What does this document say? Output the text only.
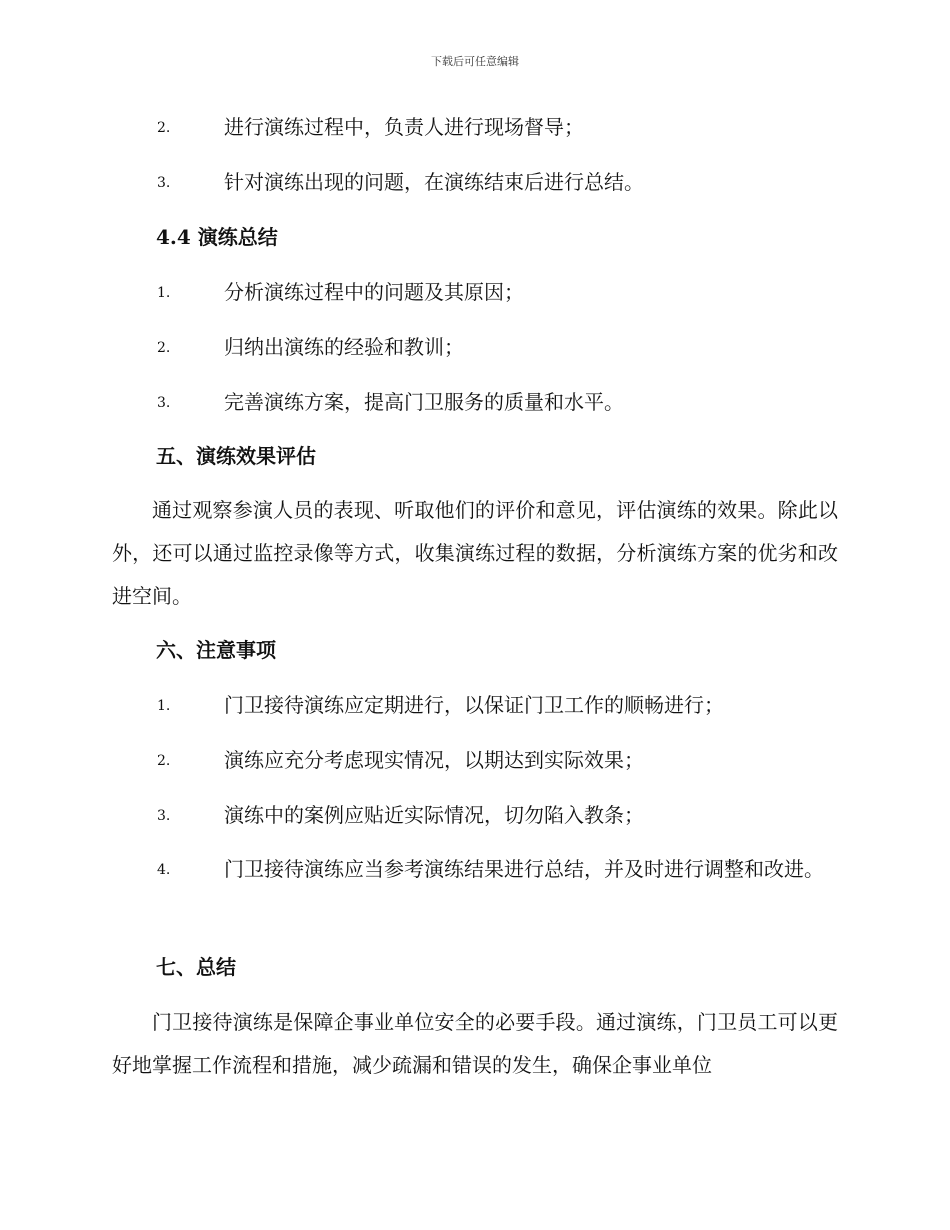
下载后可任意编辑
2.	进行演练过程中，负责人进行现场督导；
3.	针对演练出现的问题，在演练结束后进行总结。
4.4 演练总结
1.	分析演练过程中的问题及其原因；
2.	归纳出演练的经验和教训；
3.	完善演练方案，提高门卫服务的质量和水平。
五、演练效果评估

通过观察参演人员的表现、听取他们的评价和意见，评估演练的效果。除此以外，还可以通过监控录像等方式，收集演练过程的数据，分析演练方案的优劣和改进空间。

六、注意事项
1.	门卫接待演练应定期进行，以保证门卫工作的顺畅进行；
2.	演练应充分考虑现实情况，以期达到实际效果；
3.	演练中的案例应贴近实际情况，切勿陷入教条；
4.	门卫接待演练应当参考演练结果进行总结，并及时进行调整和改进。

七、总结

门卫接待演练是保障企事业单位安全的必要手段。通过演练，门卫员工可以更好地掌握工作流程和措施，减少疏漏和错误的发生，确保企事业单位
